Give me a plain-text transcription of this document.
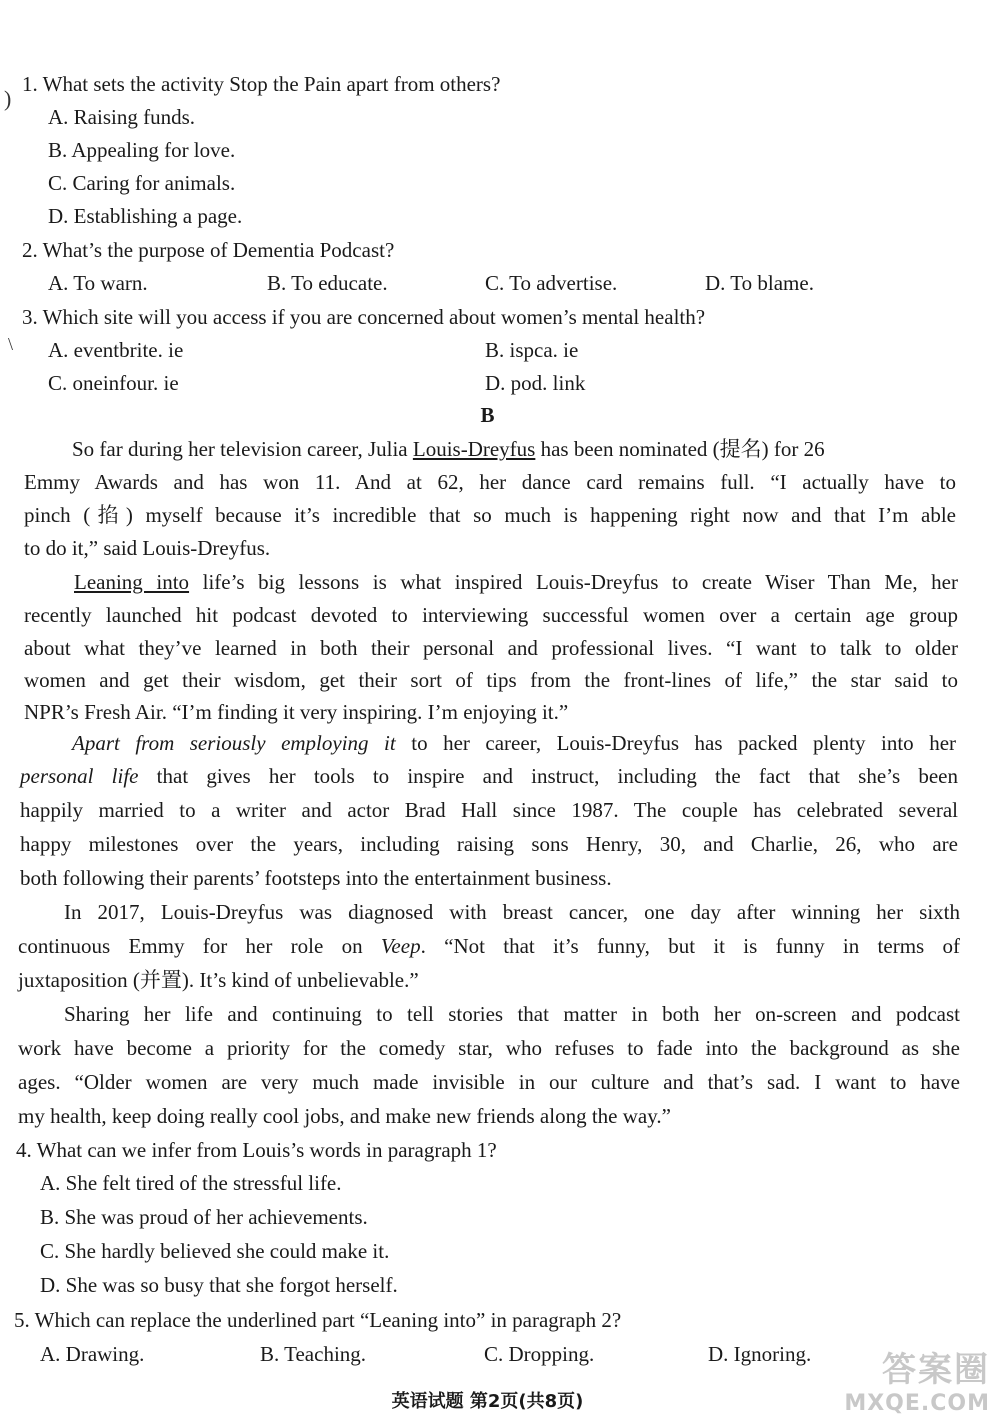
)
\
1. What sets the activity Stop the Pain apart from others?
A. Raising funds.
B. Appealing for love.
C. Caring for animals.
D. Establishing a page.
2. What’s the purpose of Dementia Podcast?
A. To warn.	B. To educate.	C. To advertise.	D. To blame.
3. Which site will you access if you are concerned about women’s mental health?
A. eventbrite. ie	B. ispca. ie
C. oneinfour. ie	D. pod. link
B
So far during her television career, Julia Louis-Dreyfus has been nominated (提名) for 26
Emmy Awards and has won 11. And at 62, her dance card remains full. “I actually have to
pinch (掐) myself because it’s incredible that so much is happening right now and that I’m able
to do it,” said Louis-Dreyfus.
Leaning into life’s big lessons is what inspired Louis-Dreyfus to create Wiser Than Me, her
recently launched hit podcast devoted to interviewing successful women over a certain age group
about what they’ve learned in both their personal and professional lives. “I want to talk to older
women and get their wisdom, get their sort of tips from the front-lines of life,” the star said to
NPR’s Fresh Air. “I’m finding it very inspiring. I’m enjoying it.”
Apart from seriously employing it to her career, Louis-Dreyfus has packed plenty into her
personal life that gives her tools to inspire and instruct, including the fact that she’s been
happily married to a writer and actor Brad Hall since 1987. The couple has celebrated several
happy milestones over the years, including raising sons Henry, 30, and Charlie, 26, who are
both following their parents’ footsteps into the entertainment business.
In 2017, Louis-Dreyfus was diagnosed with breast cancer, one day after winning her sixth
continuous Emmy for her role on Veep. “Not that it’s funny, but it is funny in terms of
juxtaposition (并置). It’s kind of unbelievable.”
Sharing her life and continuing to tell stories that matter in both her on-screen and podcast
work have become a priority for the comedy star, who refuses to fade into the background as she
ages. “Older women are very much made invisible in our culture and that’s sad. I want to have
my health, keep doing really cool jobs, and make new friends along the way.”
4. What can we infer from Louis’s words in paragraph 1?
A. She felt tired of the stressful life.
B. She was proud of her achievements.
C. She hardly believed she could make it.
D. She was so busy that she forgot herself.
5. Which can replace the underlined part “Leaning into” in paragraph 2?
A. Drawing.	B. Teaching.	C. Dropping.	D. Ignoring.
英语试题 第2页(共8页)
答案圈
MXQE.COM
